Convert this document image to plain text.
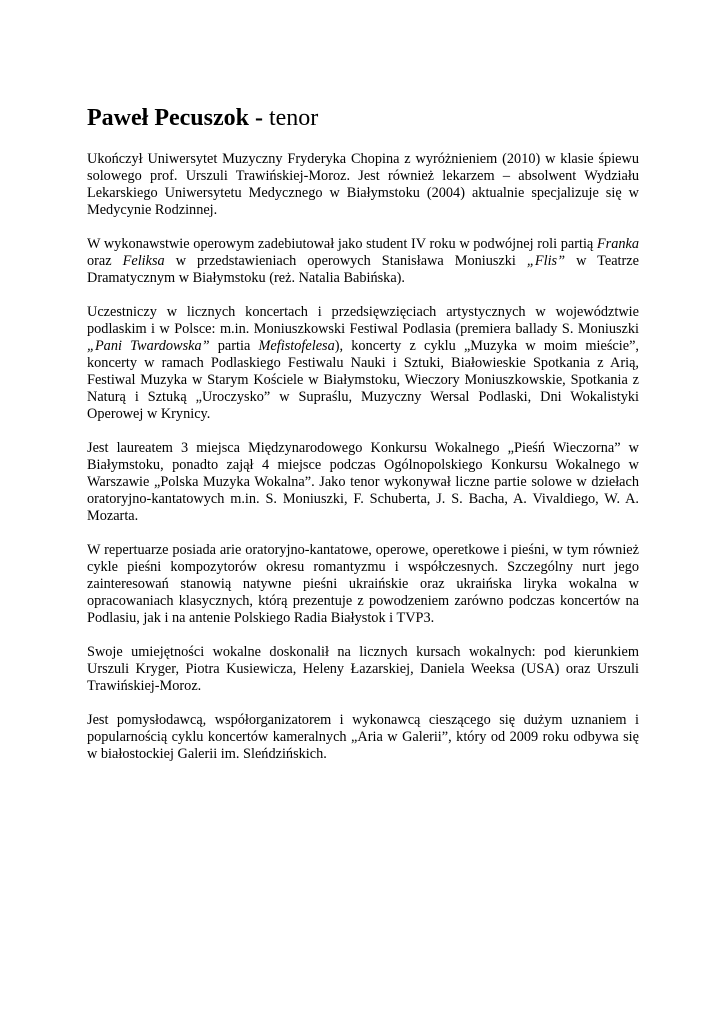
Paweł Pecuszok - tenor

Ukończył Uniwersytet Muzyczny Fryderyka Chopina z wyróżnieniem (2010) w klasie śpiewu solowego prof. Urszuli Trawińskiej-Moroz. Jest również lekarzem – absolwent Wydziału Lekarskiego Uniwersytetu Medycznego w Białymstoku (2004) aktualnie specjalizuje się w Medycynie Rodzinnej.

W wykonawstwie operowym zadebiutował jako student IV roku w podwójnej roli partią Franka oraz Feliksa w przedstawieniach operowych Stanisława Moniuszki „Flis” w Teatrze Dramatycznym w Białymstoku (reż. Natalia Babińska).

Uczestniczy w licznych koncertach i przedsięwzięciach artystycznych w województwie podlaskim i w Polsce: m.in. Moniuszkowski Festiwal Podlasia (premiera ballady S. Moniuszki „Pani Twardowska” partia Mefistofelesa), koncerty z cyklu „Muzyka w moim mieście”, koncerty w ramach Podlaskiego Festiwalu Nauki i Sztuki, Białowieskie Spotkania z Arią, Festiwal Muzyka w Starym Kościele w Białymstoku, Wieczory Moniuszkowskie, Spotkania z Naturą i Sztuką „Uroczysko” w Supraślu, Muzyczny Wersal Podlaski, Dni Wokalistyki Operowej w Krynicy.

Jest laureatem 3 miejsca Międzynarodowego Konkursu Wokalnego „Pieśń Wieczorna” w Białymstoku, ponadto zajął 4 miejsce podczas Ogólnopolskiego Konkursu Wokalnego w Warszawie „Polska Muzyka Wokalna”. Jako tenor wykonywał liczne partie solowe w dziełach oratoryjno-kantatowych m.in. S. Moniuszki, F. Schuberta, J. S. Bacha, A. Vivaldiego, W. A. Mozarta.

W repertuarze posiada arie oratoryjno-kantatowe, operowe, operetkowe i pieśni, w tym również cykle pieśni kompozytorów okresu romantyzmu i współczesnych. Szczególny nurt jego zainteresowań stanowią natywne pieśni ukraińskie oraz ukraińska liryka wokalna w opracowaniach klasycznych, którą prezentuje z powodzeniem zarówno podczas koncertów na Podlasiu, jak i na antenie Polskiego Radia Białystok i TVP3.

Swoje umiejętności wokalne doskonalił na licznych kursach wokalnych: pod kierunkiem Urszuli Kryger, Piotra Kusiewicza, Heleny Łazarskiej, Daniela Weeksa (USA) oraz Urszuli Trawińskiej-Moroz.

Jest pomysłodawcą, współorganizatorem i wykonawcą cieszącego się dużym uznaniem i popularnością cyklu koncertów kameralnych „Aria w Galerii”, który od 2009 roku odbywa się w białostockiej Galerii im. Sleńdzińskich.
